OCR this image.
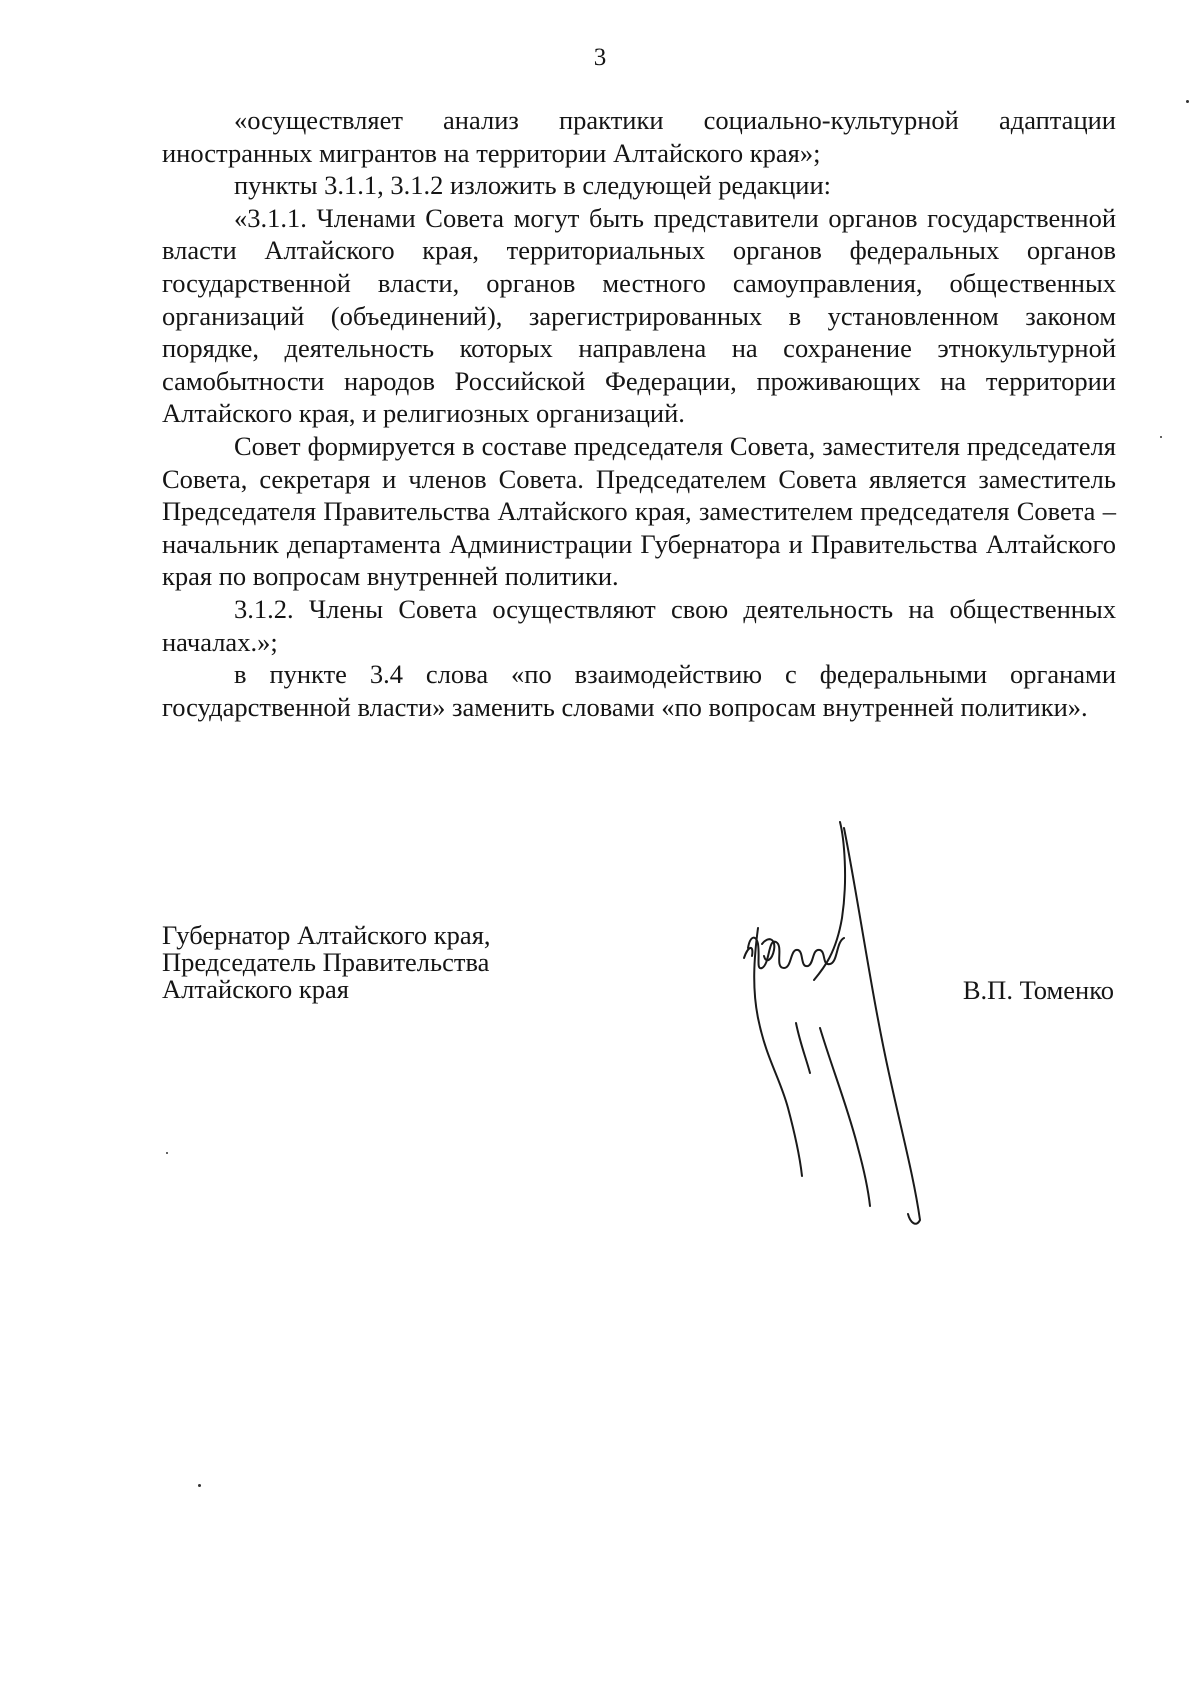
3

«осуществляет анализ практики социально-культурной адаптации иностранных мигрантов на территории Алтайского края»;

пункты 3.1.1, 3.1.2 изложить в следующей редакции:

«3.1.1. Членами Совета могут быть представители органов государственной власти Алтайского края, территориальных органов федеральных органов государственной власти, органов местного самоуправления, общественных организаций (объединений), зарегистрированных в установленном законом порядке, деятельность которых направлена на сохранение этнокультурной самобытности народов Российской Федерации, проживающих на территории Алтайского края, и религиозных организаций.

Совет формируется в составе председателя Совета, заместителя председателя Совета, секретаря и членов Совета. Председателем Совета является заместитель Председателя Правительства Алтайского края, заместителем председателя Совета – начальник департамента Администрации Губернатора и Правительства Алтайского края по вопросам внутренней политики.

3.1.2. Члены Совета осуществляют свою деятельность на общественных началах.»;

в пункте 3.4 слова «по взаимодействию с федеральными органами государственной власти» заменить словами «по вопросам внутренней политики».

Губернатор Алтайского края,
Председатель Правительства
Алтайского края	В.П. Томенко
